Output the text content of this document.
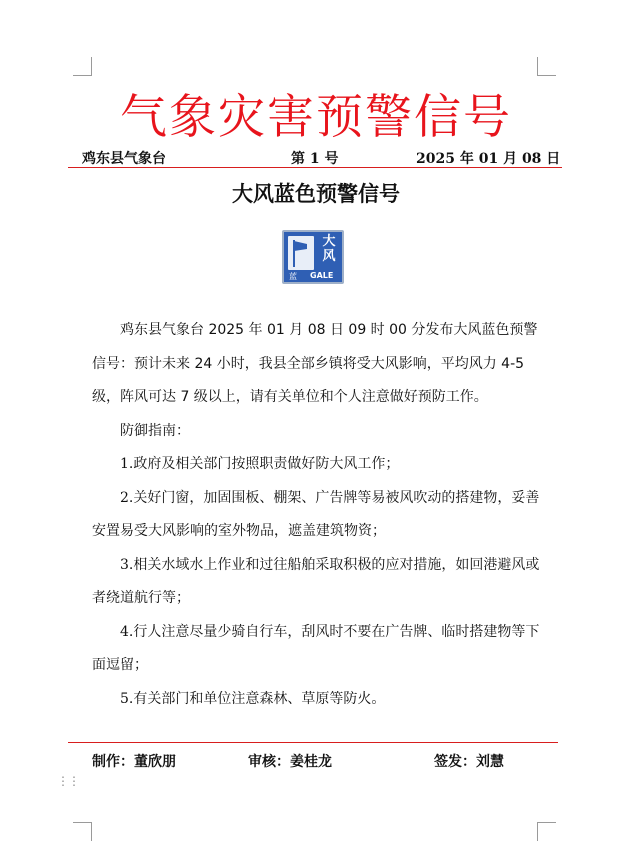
气象灾害预警信号
鸡东县气象台	第 1 号	2025 年 01 月 08 日
大风蓝色预警信号
大风
蓝 GALE

鸡东县气象台 2025 年 01 月 08 日 09 时 00 分发布大风蓝色预警信号：预计未来 24 小时，我县全部乡镇将受大风影响，平均风力 4-5 级，阵风可达 7 级以上，请有关单位和个人注意做好预防工作。

防御指南：

1.政府及相关部门按照职责做好防大风工作；

2.关好门窗，加固围板、棚架、广告牌等易被风吹动的搭建物，妥善安置易受大风影响的室外物品，遮盖建筑物资；

3.相关水域水上作业和过往船舶采取积极的应对措施，如回港避风或者绕道航行等；

4.行人注意尽量少骑自行车，刮风时不要在广告牌、临时搭建物等下面逗留；

5.有关部门和单位注意森林、草原等防火。

制作：董欣朋	审核：姜桂龙	签发：刘慧
⋮⋮
